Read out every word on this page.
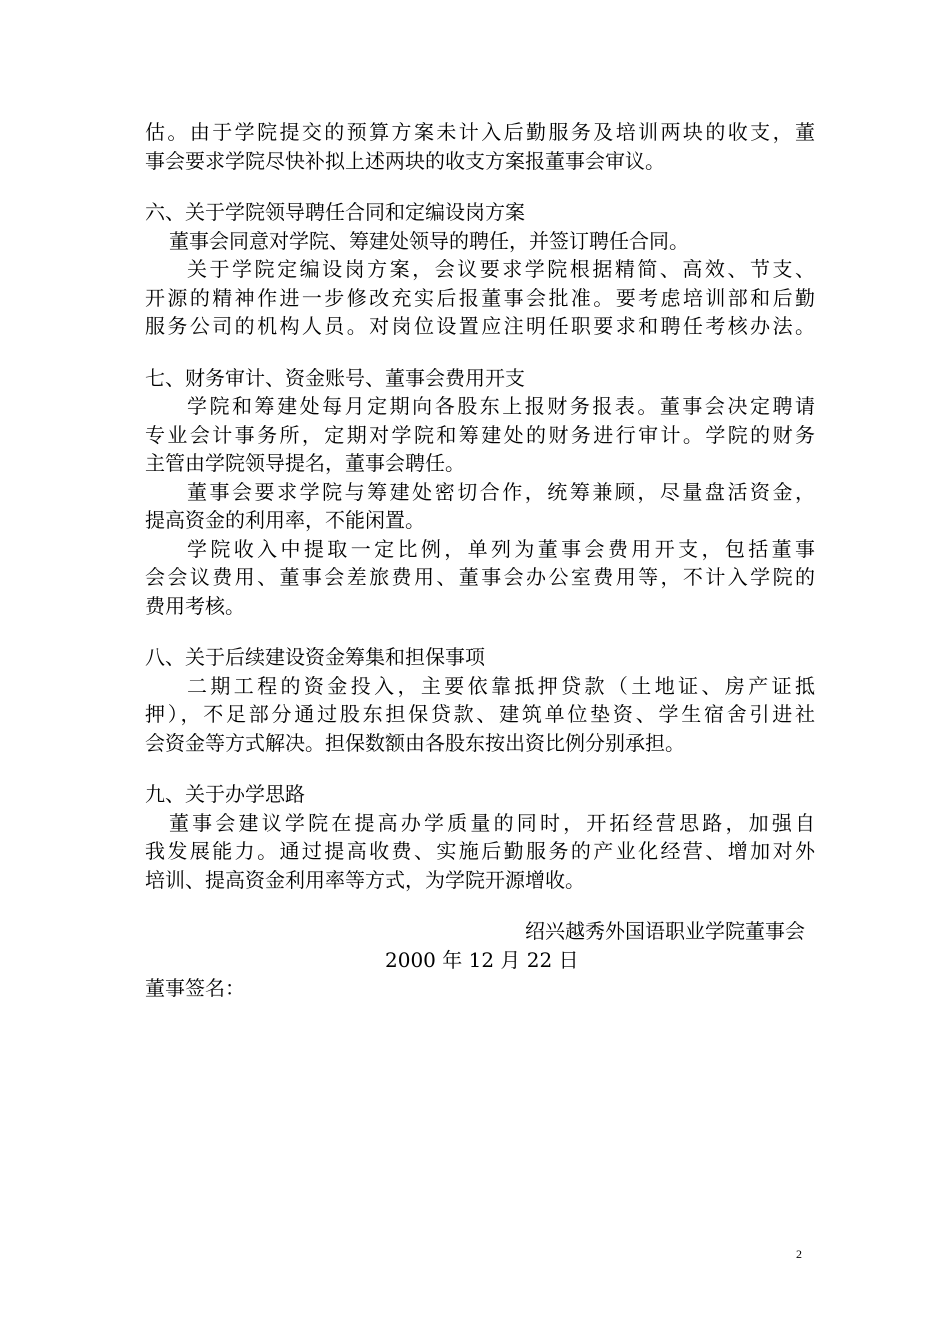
估。由于学院提交的预算方案未计入后勤服务及培训两块的收支，董
事会要求学院尽快补拟上述两块的收支方案报董事会审议。
六、关于学院领导聘任合同和定编设岗方案
董事会同意对学院、筹建处领导的聘任，并签订聘任合同。
关于学院定编设岗方案，会议要求学院根据精简、高效、节支、
开源的精神作进一步修改充实后报董事会批准。要考虑培训部和后勤
服务公司的机构人员。对岗位设置应注明任职要求和聘任考核办法。
七、财务审计、资金账号、董事会费用开支
学院和筹建处每月定期向各股东上报财务报表。董事会决定聘请
专业会计事务所，定期对学院和筹建处的财务进行审计。学院的财务
主管由学院领导提名，董事会聘任。
董事会要求学院与筹建处密切合作，统筹兼顾，尽量盘活资金，
提高资金的利用率，不能闲置。
学院收入中提取一定比例，单列为董事会费用开支，包括董事
会会议费用、董事会差旅费用、董事会办公室费用等，不计入学院的
费用考核。
八、关于后续建设资金筹集和担保事项
二期工程的资金投入，主要依靠抵押贷款（土地证、房产证抵
押），不足部分通过股东担保贷款、建筑单位垫资、学生宿舍引进社
会资金等方式解决。担保数额由各股东按出资比例分别承担。
九、关于办学思路
董事会建议学院在提高办学质量的同时，开拓经营思路，加强自
我发展能力。通过提高收费、实施后勤服务的产业化经营、增加对外
培训、提高资金利用率等方式，为学院开源增收。
绍兴越秀外国语职业学院董事会
2000 年 12 月 22 日
董事签名：
2
